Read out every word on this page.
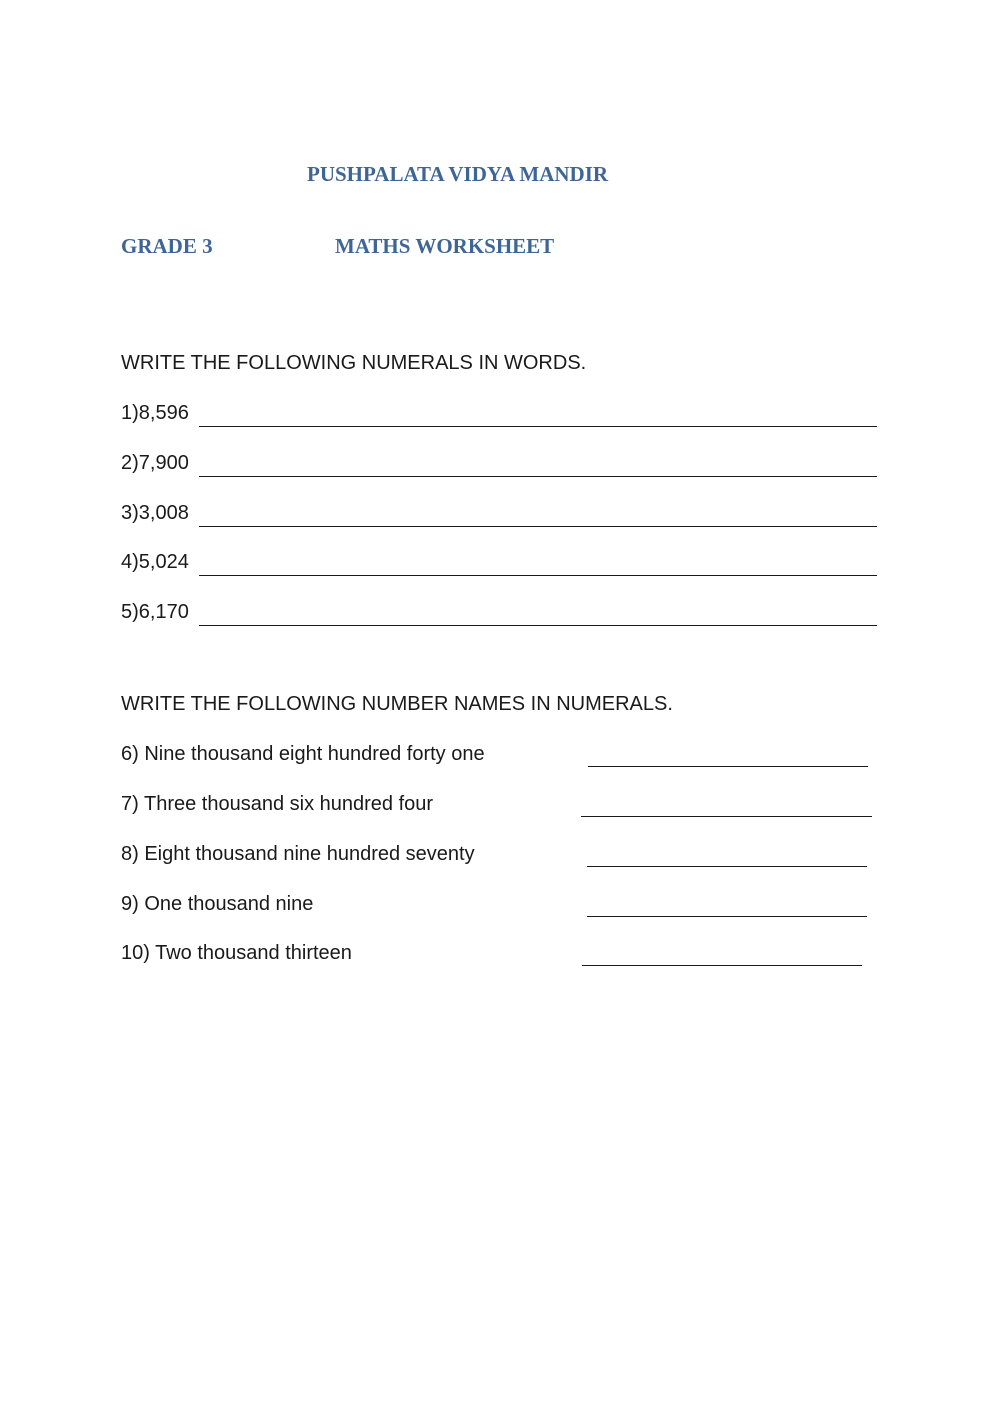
PUSHPALATA VIDYA MANDIR
GRADE 3	MATHS WORKSHEET
WRITE THE FOLLOWING NUMERALS IN WORDS.
1)8,596
2)7,900
3)3,008
4)5,024
5)6,170
WRITE THE FOLLOWING NUMBER NAMES IN NUMERALS.
6) Nine thousand eight hundred forty one
7) Three thousand six hundred four
8) Eight thousand nine hundred seventy
9) One thousand nine
10) Two thousand thirteen
